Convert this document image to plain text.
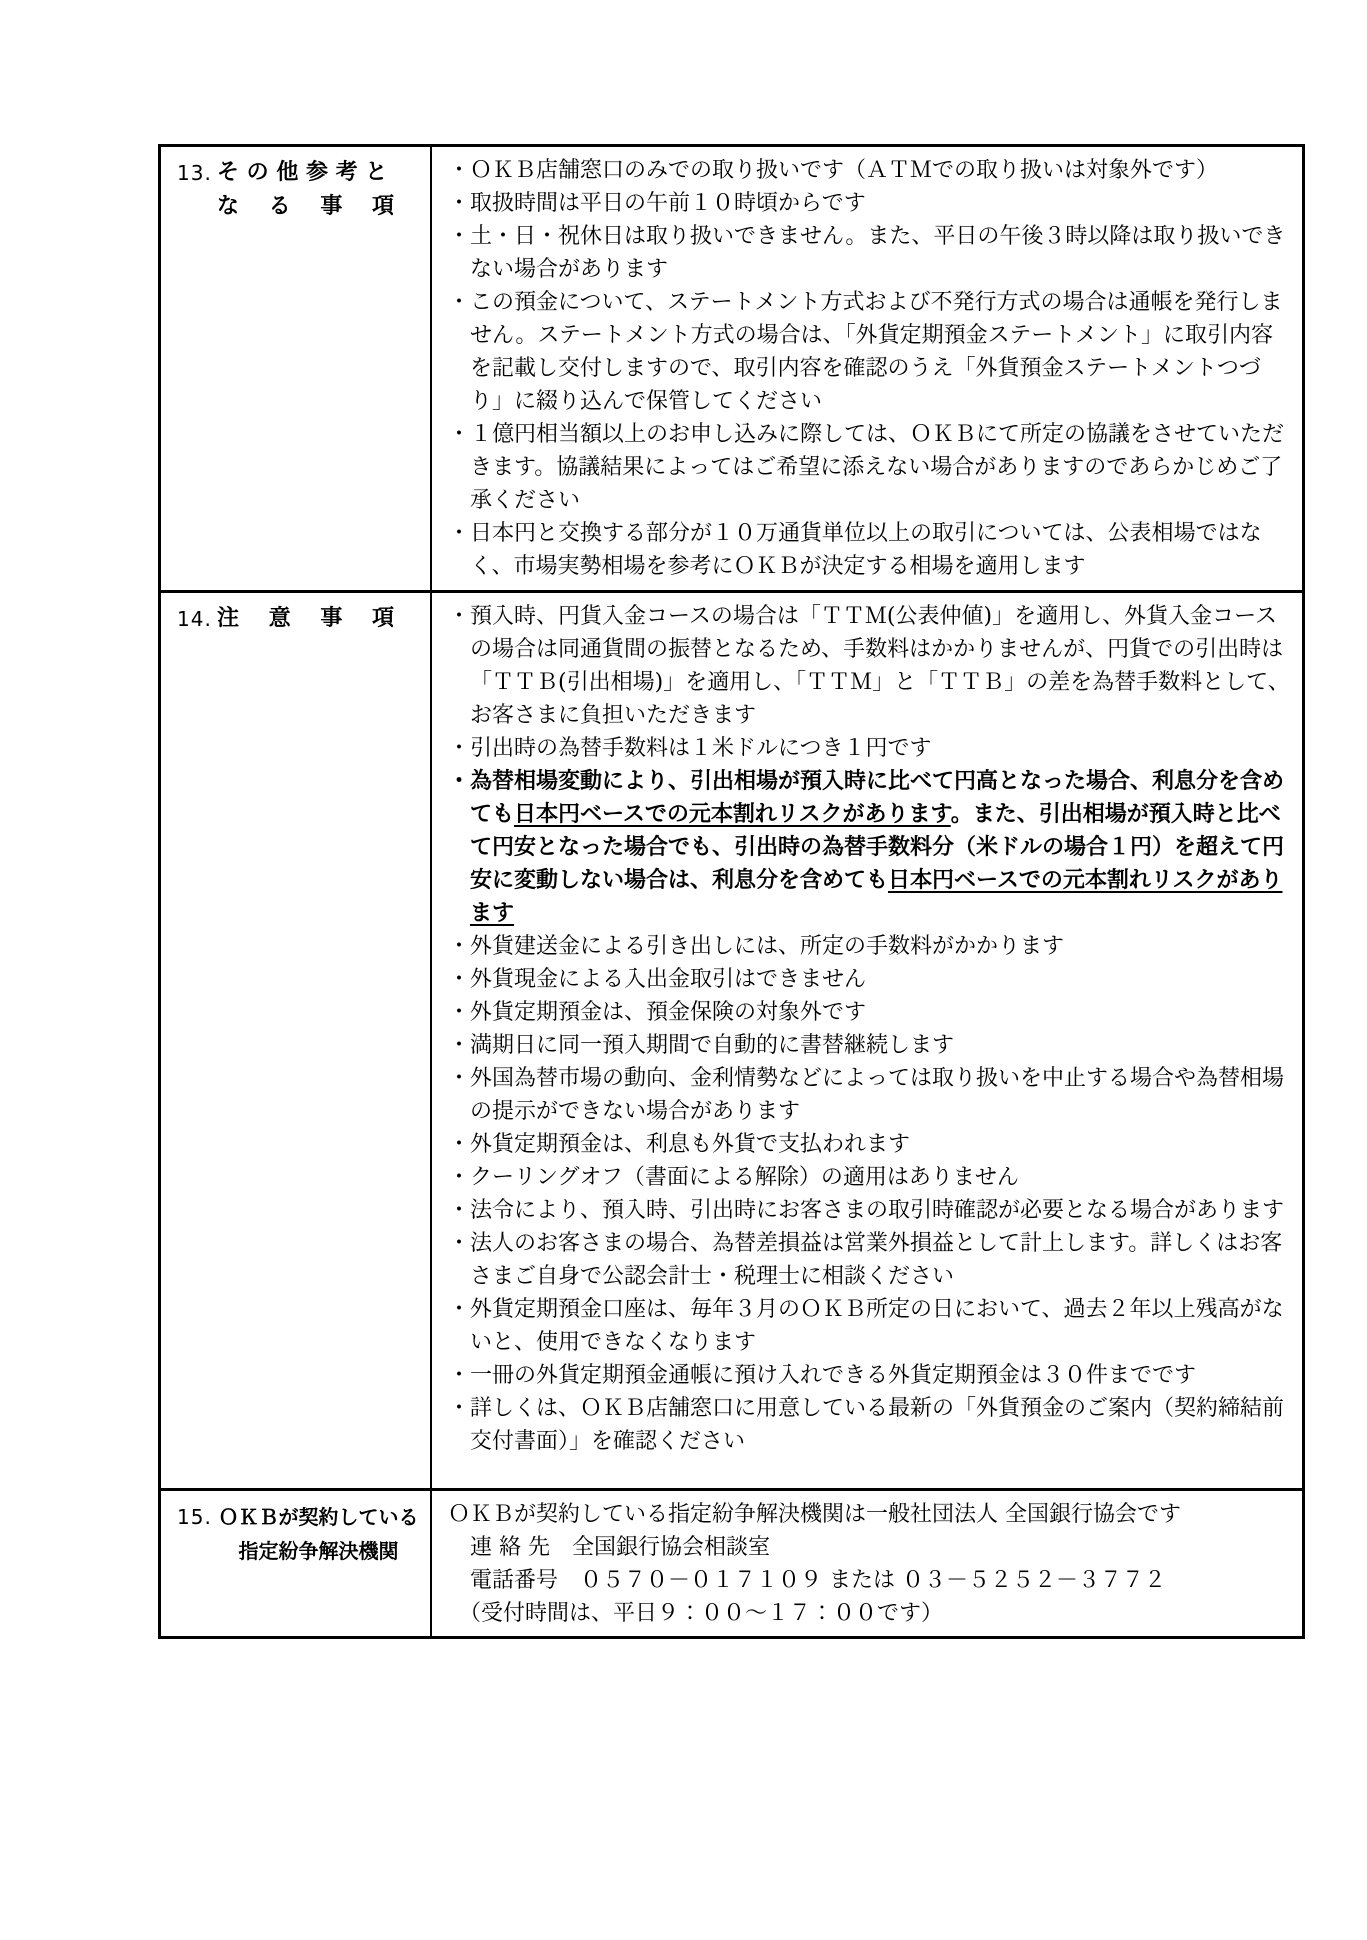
13. そ の 他 参 考 と
な　 る　 事　 項
・ＯＫＢ店舗窓口のみでの取り扱いです（ＡＴＭでの取り扱いは対象外です）
・取扱時間は平日の午前１０時頃からです
・土・日・祝休日は取り扱いできません。また、平日の午後３時以降は取り扱いできない場合があります
・この預金について、ステートメント方式および不発行方式の場合は通帳を発行しません。ステートメント方式の場合は、「外貨定期預金ステートメント」に取引内容を記載し交付しますので、取引内容を確認のうえ「外貨預金ステートメントつづり」に綴り込んで保管してください
・１億円相当額以上のお申し込みに際しては、ＯＫＢにて所定の協議をさせていただきます。協議結果によってはご希望に添えない場合がありますのであらかじめご了承ください
・日本円と交換する部分が１０万通貨単位以上の取引については、公表相場ではなく、市場実勢相場を参考にＯＫＢが決定する相場を適用します
14. 注　 意　 事　 項	・預入時、円貨入金コースの場合は「ＴＴＭ(公表仲値)」を適用し、外貨入金コースの場合は同通貨間の振替となるため、手数料はかかりませんが、円貨での引出時は「ＴＴＢ(引出相場)」を適用し、「ＴＴＭ」と「ＴＴＢ」の差を為替手数料として、お客さまに負担いただきます
・引出時の為替手数料は１米ドルにつき１円です
・為替相場変動により、引出相場が預入時に比べて円高となった場合、利息分を含めても日本円ベースでの元本割れリスクがあります。また、引出相場が預入時と比べて円安となった場合でも、引出時の為替手数料分（米ドルの場合１円）を超えて円安に変動しない場合は、利息分を含めても日本円ベースでの元本割れリスクがあります
・外貨建送金による引き出しには、所定の手数料がかかります
・外貨現金による入出金取引はできません
・外貨定期預金は、預金保険の対象外です
・満期日に同一預入期間で自動的に書替継続します
・外国為替市場の動向、金利情勢などによっては取り扱いを中止する場合や為替相場の提示ができない場合があります
・外貨定期預金は、利息も外貨で支払われます
・クーリングオフ（書面による解除）の適用はありません
・法令により、預入時、引出時にお客さまの取引時確認が必要となる場合があります
・法人のお客さまの場合、為替差損益は営業外損益として計上します。詳しくはお客さまご自身で公認会計士・税理士に相談ください
・外貨定期預金口座は、毎年３月のＯＫＢ所定の日において、過去２年以上残高がないと、使用できなくなります
・一冊の外貨定期預金通帳に預け入れできる外貨定期預金は３０件までです
・詳しくは、ＯＫＢ店舗窓口に用意している最新の「外貨預金のご案内（契約締結前交付書面）」を確認ください
15. ＯＫＢが契約している
指定紛争解決機関
ＯＫＢが契約している指定紛争解決機関は一般社団法人 全国銀行協会です
　連 絡 先　全国銀行協会相談室
　電話番号　０５７０－０１７１０９ または ０３－５２５２－３７７２
　（受付時間は、平日９：００～１７：００です）
